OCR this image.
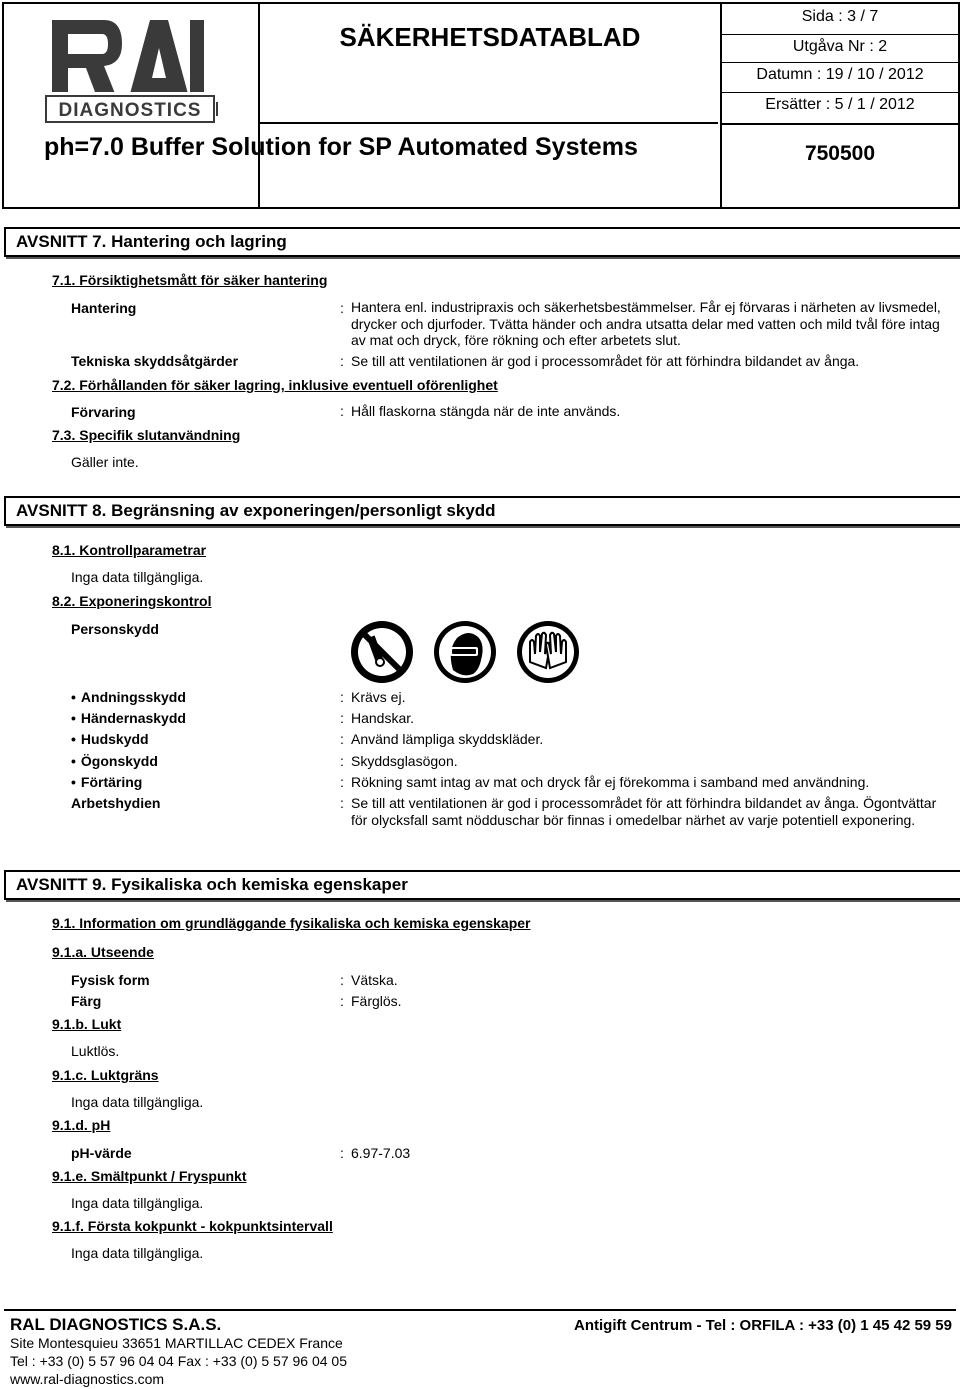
DIAGNOSTICS
SÄKERHETSDATABLAD
ph=7.0 Buffer Solution for SP Automated Systems
Sida : 3 / 7
Utgåva Nr : 2
Datumn : 19 / 10 / 2012
Ersätter : 5 / 1 / 2012
750500
AVSNITT 7. Hantering och lagring
7.1. Försiktighetsmått för säker hantering
Hantering	: Hantera enl. industripraxis och säkerhetsbestämmelser. Får ej förvaras i närheten av livsmedel, drycker och djurfoder. Tvätta händer och andra utsatta delar med vatten och mild tvål före intag av mat och dryck, före rökning och efter arbetets slut.
Tekniska skyddsåtgärder	: Se till att ventilationen är god i processområdet för att förhindra bildandet av ånga.
7.2. Förhållanden för säker lagring, inklusive eventuell oförenlighet
Förvaring	: Håll flaskorna stängda när de inte används.
7.3. Specifik slutanvändning
Gäller inte.
AVSNITT 8. Begränsning av exponeringen/personligt skydd
8.1. Kontrollparametrar
Inga data tillgängliga.
8.2. Exponeringskontrol
Personskydd
• Andningsskydd	: Krävs ej.
• Händernaskydd	: Handskar.
• Hudskydd	: Använd lämpliga skyddskläder.
• Ögonskydd	: Skyddsglasögon.
• Förtäring	: Rökning samt intag av mat och dryck får ej förekomma i samband med användning.
Arbetshydien	: Se till att ventilationen är god i processområdet för att förhindra bildandet av ånga. Ögontvättar för olycksfall samt nödduschar bör finnas i omedelbar närhet av varje potentiell exponering.
AVSNITT 9. Fysikaliska och kemiska egenskaper
9.1. Information om grundläggande fysikaliska och kemiska egenskaper
9.1.a. Utseende
Fysisk form	: Vätska.
Färg	: Färglös.
9.1.b. Lukt
Luktlös.
9.1.c. Luktgräns
Inga data tillgängliga.
9.1.d. pH
pH-värde	: 6.97-7.03
9.1.e. Smältpunkt / Fryspunkt
Inga data tillgängliga.
9.1.f. Första kokpunkt - kokpunktsintervall
Inga data tillgängliga.
RAL DIAGNOSTICS S.A.S.
Site Montesquieu 33651 MARTILLAC CEDEX France
Tel : +33 (0) 5 57 96 04 04 Fax : +33 (0) 5 57 96 04 05
www.ral-diagnostics.com
Antigift Centrum - Tel : ORFILA : +33 (0) 1 45 42 59 59
